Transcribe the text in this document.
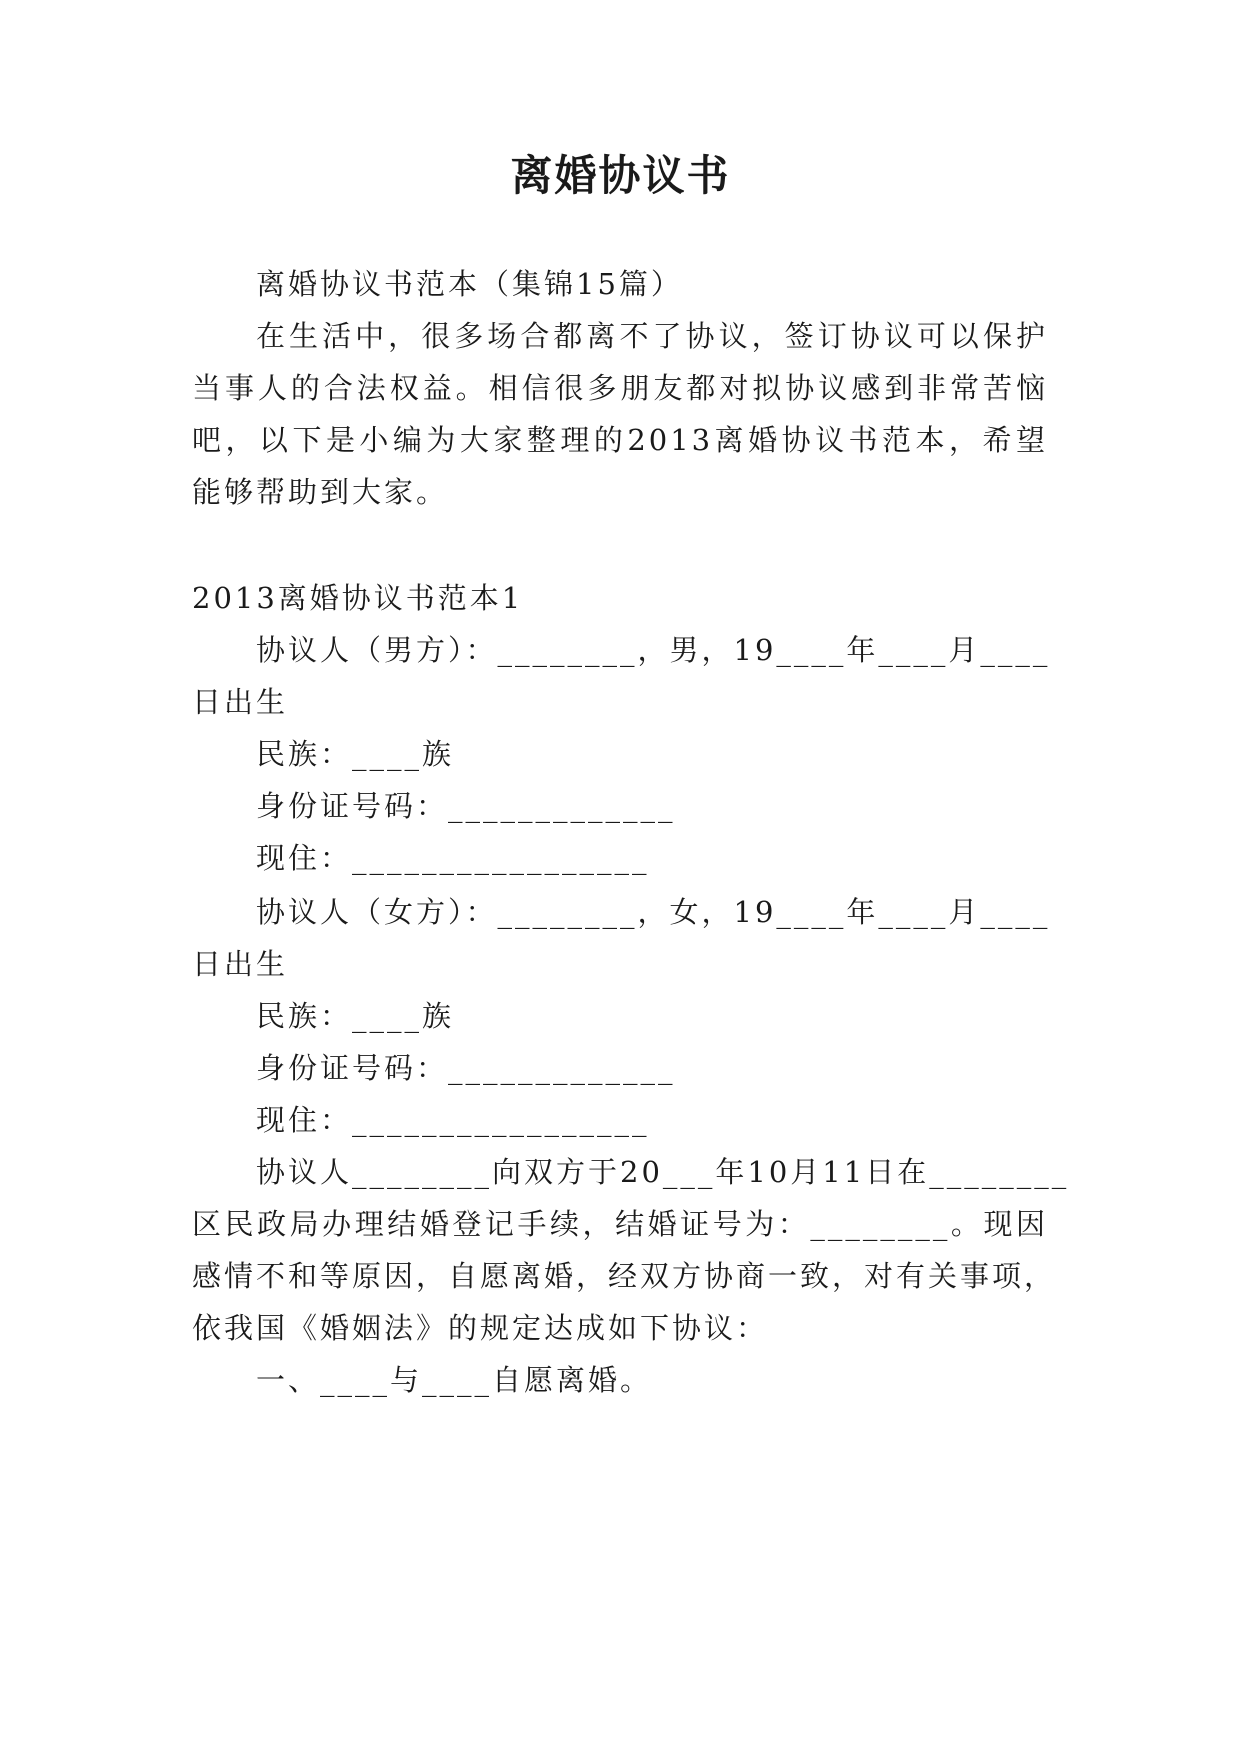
离婚协议书
离婚协议书范本（集锦15篇）
在生活中，很多场合都离不了协议，签订协议可以保护
当事人的合法权益。相信很多朋友都对拟协议感到非常苦恼
吧，以下是小编为大家整理的2013离婚协议书范本，希望
能够帮助到大家。
2013离婚协议书范本1
协议人（男方）：________，男，19____年____月____
日出生
民族：____族
身份证号码：_____________
现住：_________________
协议人（女方）：________，女，19____年____月____
日出生
民族：____族
身份证号码：_____________
现住：_________________
协议人________向双方于20___年10月11日在________
区民政局办理结婚登记手续，结婚证号为：________。现因
感情不和等原因，自愿离婚，经双方协商一致，对有关事项，
依我国《婚姻法》的规定达成如下协议：
一、____与____自愿离婚。
